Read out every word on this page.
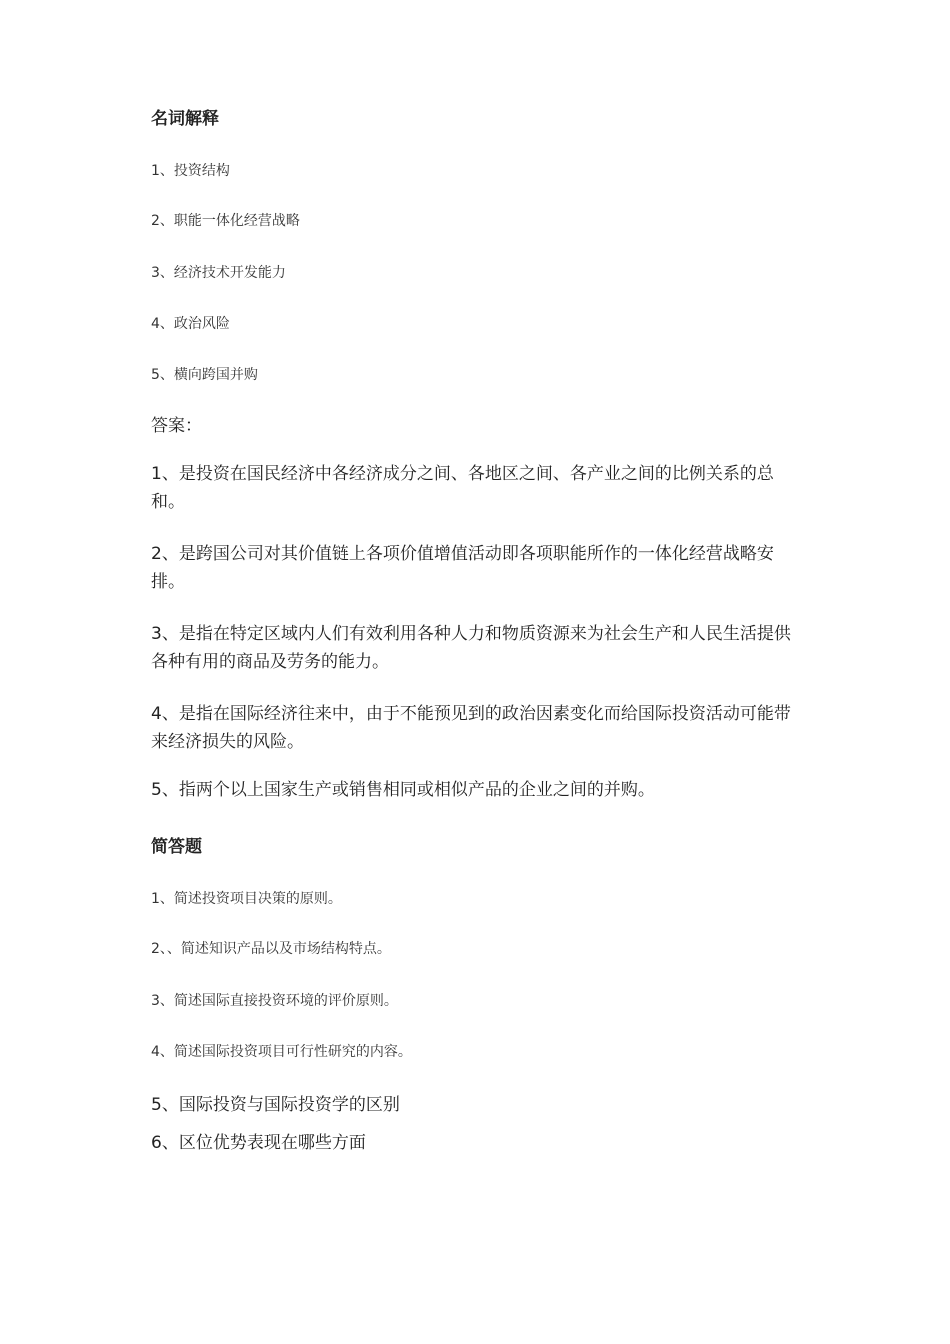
名词解释
1、投资结构
2、职能一体化经营战略
3、经济技术开发能力
4、政治风险
5、横向跨国并购
答案：
1、是投资在国民经济中各经济成分之间、各地区之间、各产业之间的比例关系的总和。
2、是跨国公司对其价值链上各项价值增值活动即各项职能所作的一体化经营战略安排。
3、是指在特定区域内人们有效利用各种人力和物质资源来为社会生产和人民生活提供各种有用的商品及劳务的能力。
4、是指在国际经济往来中，由于不能预见到的政治因素变化而给国际投资活动可能带来经济损失的风险。
5、指两个以上国家生产或销售相同或相似产品的企业之间的并购。
简答题
1、简述投资项目决策的原则。
2、、简述知识产品以及市场结构特点。
3、简述国际直接投资环境的评价原则。
4、简述国际投资项目可行性研究的内容。
5、国际投资与国际投资学的区别
6、区位优势表现在哪些方面
